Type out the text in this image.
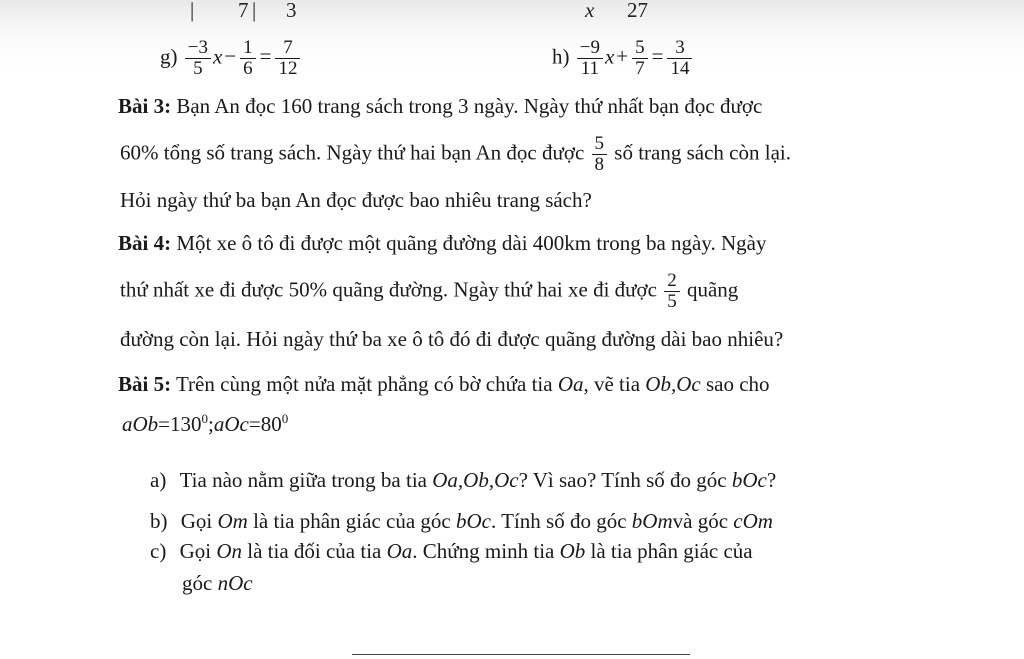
| 7 | 3	x 27
$g) \frac{-3}{5} x- \frac{1}{6} = \frac{7}{12}$	$h) \frac{-9}{11} x+ \frac{5}{7} = \frac{3}{14}$
Bài 3: Bạn An đọc 160 trang sách trong 3 ngày. Ngày thứ nhất bạn đọc được
60% tổng số trang sách. Ngày thứ hai bạn An đọc được $\frac{5}{8}$ số trang sách còn lại.
Hỏi ngày thứ ba bạn An đọc được bao nhiêu trang sách?
Bài 4: Một xe ô tô đi được một quãng đường dài 400km trong ba ngày. Ngày
thứ nhất xe đi được 50% quãng đường. Ngày thứ hai xe đi được $\frac{2}{5}$ quãng
đường còn lại. Hỏi ngày thứ ba xe ô tô đó đi được quãng đường dài bao nhiêu?
Bài 5: Trên cùng một nửa mặt phẳng có bờ chứa tia Oa, vẽ tia Ob,Oc sao cho
$aOb=130^0;aOc=80^0$
a) Tia nào nằm giữa trong ba tia Oa,Ob,Oc? Vì sao? Tính số đo góc bOc?
b) Gọi Om là tia phân giác của góc bOc. Tính số đo góc bOmvà góc cOm
c) Gọi On là tia đối của tia Oa. Chứng minh tia Ob là tia phân giác của
góc nOc
